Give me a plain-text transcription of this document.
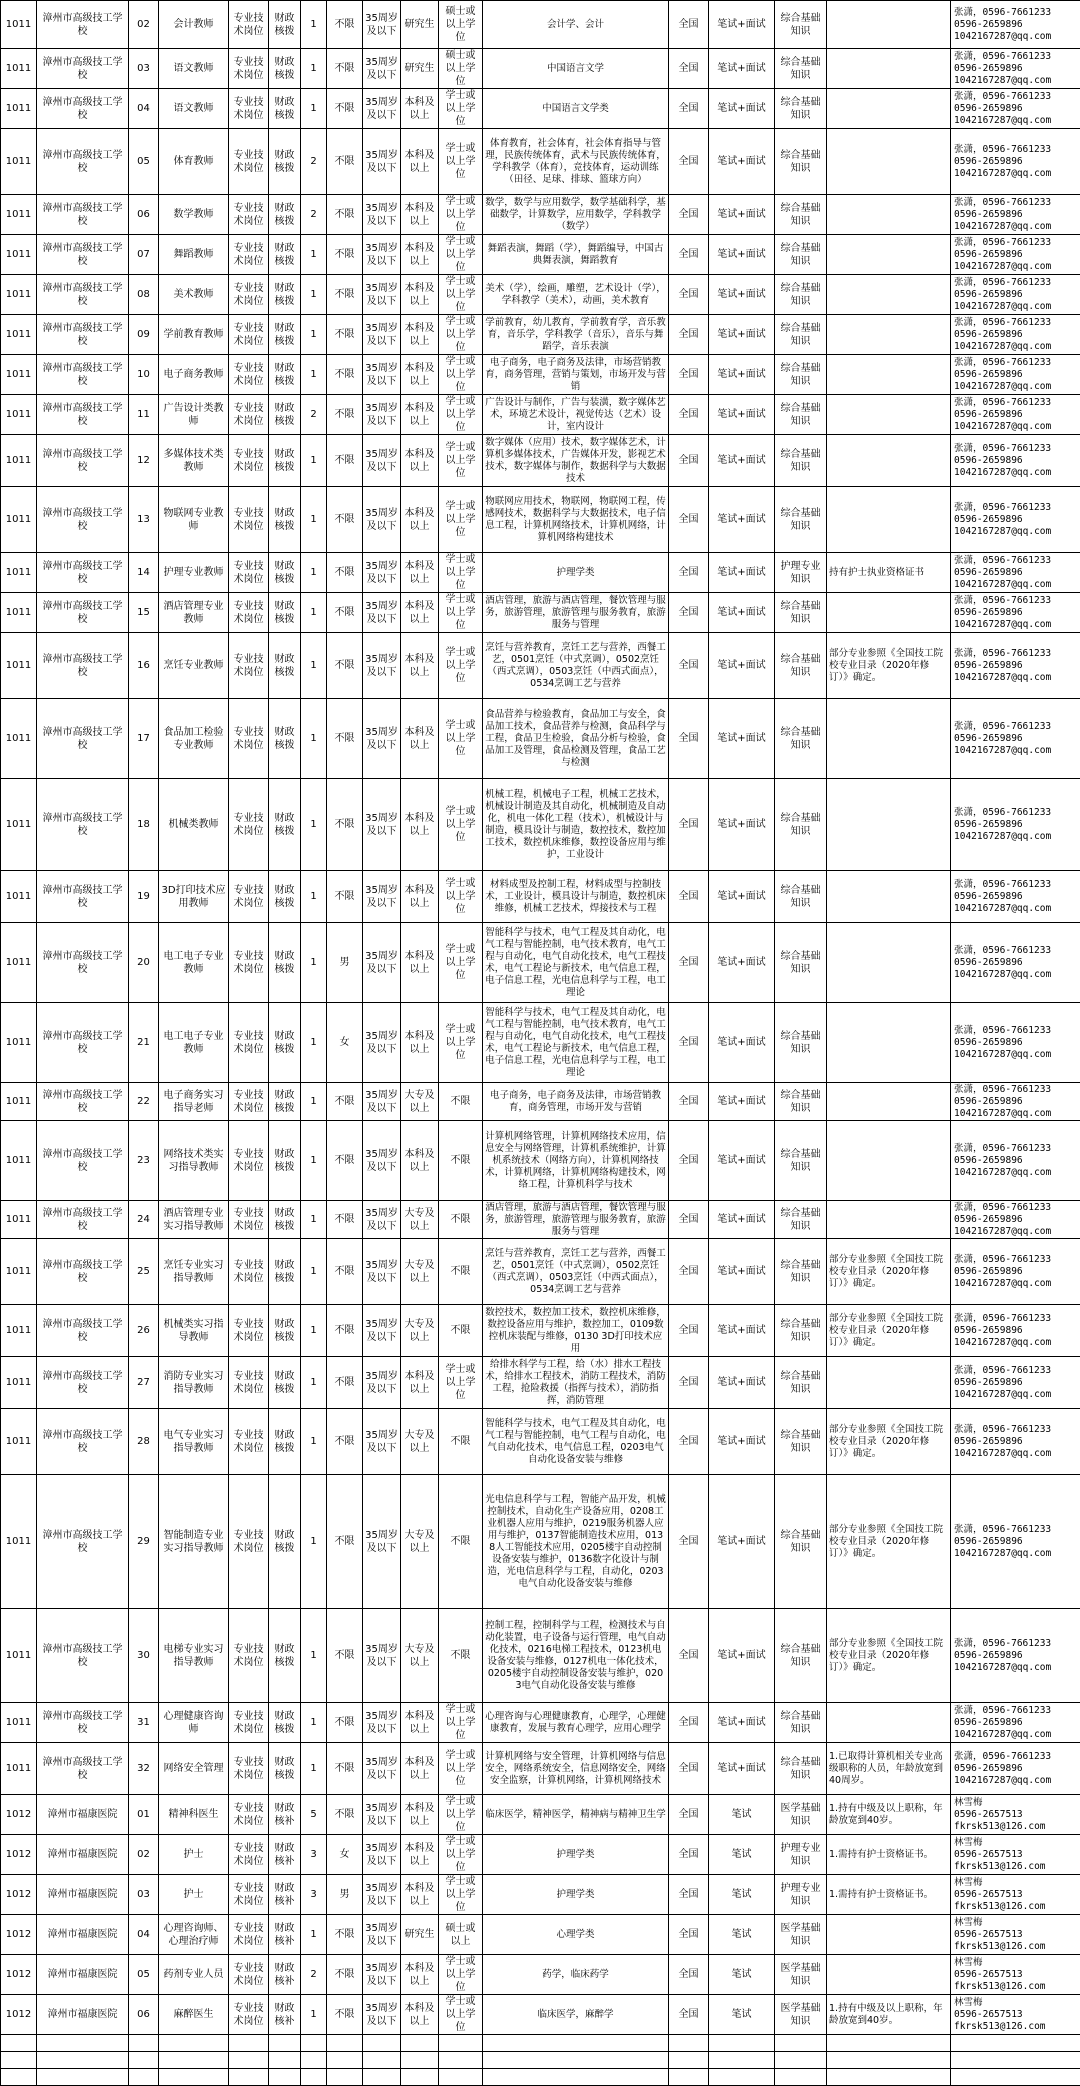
1011	漳州市高级技工学校	02	会计教师	专业技术岗位	财政核拨	1	不限	35周岁及以下	研究生	硕士或以上学位	会计学、会计	全国	笔试+面试	综合基础知识		张潇，0596-7661233
0596-2659896
1042167287@qq.com

1011	漳州市高级技工学校	03	语文教师	专业技术岗位	财政核拨	1	不限	35周岁及以下	研究生	硕士或以上学位	中国语言文学	全国	笔试+面试	综合基础知识		张潇，0596-7661233
0596-2659896
1042167287@qq.com

1011	漳州市高级技工学校	04	语文教师	专业技术岗位	财政核拨	1	不限	35周岁及以下	本科及以上	学士或以上学位	中国语言文学类	全国	笔试+面试	综合基础知识		张潇，0596-7661233
0596-2659896
1042167287@qq.com

1011	漳州市高级技工学校	05	体育教师	专业技术岗位	财政核拨	2	不限	35周岁及以下	本科及以上	学士或以上学位	体育教育，社会体育，社会体育指导与管理，民族传统体育，武术与民族传统体育，学科教学（体育），竞技体育，运动训练（田径、足球、排球、篮球方向）	全国	笔试+面试	综合基础知识		张潇，0596-7661233
0596-2659896
1042167287@qq.com

1011	漳州市高级技工学校	06	数学教师	专业技术岗位	财政核拨	2	不限	35周岁及以下	本科及以上	学士或以上学位	数学，数学与应用数学，数学基础科学，基础数学，计算数学，应用数学，学科教学（数学）	全国	笔试+面试	综合基础知识		张潇，0596-7661233
0596-2659896
1042167287@qq.com

1011	漳州市高级技工学校	07	舞蹈教师	专业技术岗位	财政核拨	1	不限	35周岁及以下	本科及以上	学士或以上学位	舞蹈表演，舞蹈（学），舞蹈编导，中国古典舞表演，舞蹈教育	全国	笔试+面试	综合基础知识		张潇，0596-7661233
0596-2659896
1042167287@qq.com

1011	漳州市高级技工学校	08	美术教师	专业技术岗位	财政核拨	1	不限	35周岁及以下	本科及以上	学士或以上学位	美术（学），绘画，雕塑，艺术设计（学），学科教学（美术），动画，美术教育	全国	笔试+面试	综合基础知识		张潇，0596-7661233
0596-2659896
1042167287@qq.com

1011	漳州市高级技工学校	09	学前教育教师	专业技术岗位	财政核拨	1	不限	35周岁及以下	本科及以上	学士或以上学位	学前教育，幼儿教育，学前教育学，音乐教育，音乐学，学科教学（音乐），音乐与舞蹈学，音乐表演	全国	笔试+面试	综合基础知识		张潇，0596-7661233
0596-2659896
1042167287@qq.com

1011	漳州市高级技工学校	10	电子商务教师	专业技术岗位	财政核拨	1	不限	35周岁及以下	本科及以上	学士或以上学位	电子商务，电子商务及法律，市场营销教育，商务管理，营销与策划，市场开发与营销	全国	笔试+面试	综合基础知识		张潇，0596-7661233
0596-2659896
1042167287@qq.com

1011	漳州市高级技工学校	11	广告设计类教师	专业技术岗位	财政核拨	2	不限	35周岁及以下	本科及以上	学士或以上学位	广告设计与制作，广告与装潢，数字媒体艺术，环境艺术设计，视觉传达（艺术）设计，室内设计	全国	笔试+面试	综合基础知识		张潇，0596-7661233
0596-2659896
1042167287@qq.com

1011	漳州市高级技工学校	12	多媒体技术类教师	专业技术岗位	财政核拨	1	不限	35周岁及以下	本科及以上	学士或以上学位	数字媒体（应用）技术，数字媒体艺术，计算机多媒体技术，广告媒体开发，影视艺术技术，数字媒体与制作，数据科学与大数据技术	全国	笔试+面试	综合基础知识		张潇，0596-7661233
0596-2659896
1042167287@qq.com

1011	漳州市高级技工学校	13	物联网专业教师	专业技术岗位	财政核拨	1	不限	35周岁及以下	本科及以上	学士或以上学位	物联网应用技术，物联网，物联网工程，传感网技术，数据科学与大数据技术，电子信息工程，计算机网络技术，计算机网络，计算机网络构建技术	全国	笔试+面试	综合基础知识		张潇，0596-7661233
0596-2659896
1042167287@qq.com

1011	漳州市高级技工学校	14	护理专业教师	专业技术岗位	财政核拨	1	不限	35周岁及以下	本科及以上	学士或以上学位	护理学类	全国	笔试+面试	护理专业知识	持有护士执业资格证书	张潇，0596-7661233
0596-2659896
1042167287@qq.com

1011	漳州市高级技工学校	15	酒店管理专业教师	专业技术岗位	财政核拨	1	不限	35周岁及以下	本科及以上	学士或以上学位	酒店管理，旅游与酒店管理，餐饮管理与服务，旅游管理，旅游管理与服务教育，旅游服务与管理	全国	笔试+面试	综合基础知识		张潇，0596-7661233
0596-2659896
1042167287@qq.com

1011	漳州市高级技工学校	16	烹饪专业教师	专业技术岗位	财政核拨	1	不限	35周岁及以下	本科及以上	学士或以上学位	烹饪与营养教育，烹饪工艺与营养，西餐工艺，0501烹饪（中式烹调），0502烹饪（西式烹调），0503烹饪（中西式面点），0534烹调工艺与营养	全国	笔试+面试	综合基础知识	部分专业参照《全国技工院校专业目录（2020年修订）》确定。	张潇，0596-7661233
0596-2659896
1042167287@qq.com

1011	漳州市高级技工学校	17	食品加工检验专业教师	专业技术岗位	财政核拨	1	不限	35周岁及以下	本科及以上	学士或以上学位	食品营养与检验教育，食品加工与安全，食品加工技术，食品营养与检测，食品科学与工程，食品卫生检验，食品分析与检验，食品加工及管理，食品检测及管理，食品工艺与检测	全国	笔试+面试	综合基础知识		张潇，0596-7661233
0596-2659896
1042167287@qq.com

1011	漳州市高级技工学校	18	机械类教师	专业技术岗位	财政核拨	1	不限	35周岁及以下	本科及以上	学士或以上学位	机械工程，机械电子工程，机械工艺技术，机械设计制造及其自动化，机械制造及自动化，机电一体化工程（技术），机械设计与制造，模具设计与制造，数控技术，数控加工技术，数控机床维修，数控设备应用与维护，工业设计	全国	笔试+面试	综合基础知识		张潇，0596-7661233
0596-2659896
1042167287@qq.com

1011	漳州市高级技工学校	19	3D打印技术应用教师	专业技术岗位	财政核拨	1	不限	35周岁及以下	本科及以上	学士或以上学位	材料成型及控制工程，材料成型与控制技术，工业设计，模具设计与制造，数控机床维修，机械工艺技术，焊接技术与工程	全国	笔试+面试	综合基础知识		张潇，0596-7661233
0596-2659896
1042167287@qq.com

1011	漳州市高级技工学校	20	电工电子专业教师	专业技术岗位	财政核拨	1	男	35周岁及以下	本科及以上	学士或以上学位	智能科学与技术，电气工程及其自动化，电气工程与智能控制，电气技术教育，电气工程与自动化，电气自动化技术，电气工程技术，电气工程论与新技术，电气信息工程，电子信息工程，光电信息科学与工程，电工理论	全国	笔试+面试	综合基础知识		张潇，0596-7661233
0596-2659896
1042167287@qq.com

1011	漳州市高级技工学校	21	电工电子专业教师	专业技术岗位	财政核拨	1	女	35周岁及以下	本科及以上	学士或以上学位	智能科学与技术，电气工程及其自动化，电气工程与智能控制，电气技术教育，电气工程与自动化，电气自动化技术，电气工程技术，电气工程论与新技术，电气信息工程，电子信息工程，光电信息科学与工程，电工理论	全国	笔试+面试	综合基础知识		张潇，0596-7661233
0596-2659896
1042167287@qq.com

1011	漳州市高级技工学校	22	电子商务实习指导老师	专业技术岗位	财政核拨	1	不限	35周岁及以下	大专及以上	不限	电子商务，电子商务及法律，市场营销教育，商务管理，市场开发与营销	全国	笔试+面试	综合基础知识		张潇，0596-7661233
0596-2659896
1042167287@qq.com

1011	漳州市高级技工学校	23	网络技术类实习指导教师	专业技术岗位	财政核拨	1	不限	35周岁及以下	本科及以上	不限	计算机网络管理，计算机网络技术应用，信息安全与网络管理，计算机系统维护，计算机系统技术（网络方向），计算机网络技术，计算机网络，计算机网络构建技术，网络工程，计算机科学与技术	全国	笔试+面试	综合基础知识		张潇，0596-7661233
0596-2659896
1042167287@qq.com

1011	漳州市高级技工学校	24	酒店管理专业实习指导教师	专业技术岗位	财政核拨	1	不限	35周岁及以下	大专及以上	不限	酒店管理，旅游与酒店管理，餐饮管理与服务，旅游管理，旅游管理与服务教育，旅游服务与管理	全国	笔试+面试	综合基础知识		张潇，0596-7661233
0596-2659896
1042167287@qq.com

1011	漳州市高级技工学校	25	烹饪专业实习指导教师	专业技术岗位	财政核拨	1	不限	35周岁及以下	大专及以上	不限	烹饪与营养教育，烹饪工艺与营养，西餐工艺，0501烹饪（中式烹调），0502烹饪（西式烹调），0503烹饪（中西式面点），0534烹调工艺与营养	全国	笔试+面试	综合基础知识	部分专业参照《全国技工院校专业目录（2020年修订）》确定。	张潇，0596-7661233
0596-2659896
1042167287@qq.com

1011	漳州市高级技工学校	26	机械类实习指导教师	专业技术岗位	财政核拨	1	不限	35周岁及以下	大专及以上	不限	数控技术，数控加工技术，数控机床维修，数控设备应用与维护，数控加工，0109数控机床装配与维修，0130 3D打印技术应用	全国	笔试+面试	综合基础知识	部分专业参照《全国技工院校专业目录（2020年修订）》确定。	张潇，0596-7661233
0596-2659896
1042167287@qq.com

1011	漳州市高级技工学校	27	消防专业实习指导教师	专业技术岗位	财政核拨	1	不限	35周岁及以下	本科及以上	学士或以上学位	给排水科学与工程，给（水）排水工程技术，给排水工程技术，消防工程技术，消防工程，抢险救援（指挥与技术），消防指挥，消防管理	全国	笔试+面试	综合基础知识		张潇，0596-7661233
0596-2659896
1042167287@qq.com

1011	漳州市高级技工学校	28	电气专业实习指导教师	专业技术岗位	财政核拨	1	不限	35周岁及以下	大专及以上	不限	智能科学与技术，电气工程及其自动化，电气工程与智能控制，电气工程与自动化，电气自动化技术，电气信息工程，0203电气自动化设备安装与维修	全国	笔试+面试	综合基础知识	部分专业参照《全国技工院校专业目录（2020年修订）》确定。	张潇，0596-7661233
0596-2659896
1042167287@qq.com

1011	漳州市高级技工学校	29	智能制造专业实习指导教师	专业技术岗位	财政核拨	1	不限	35周岁及以下	大专及以上	不限	光电信息科学与工程，智能产品开发，机械控制技术，自动化生产设备应用，0208工业机器人应用与维护，0219服务机器人应用与维护，0137智能制造技术应用，0138人工智能技术应用，0205楼宇自动控制设备安装与维护，0136数字化设计与制造，光电信息科学与工程，自动化，0203电气自动化设备安装与维修	全国	笔试+面试	综合基础知识	部分专业参照《全国技工院校专业目录（2020年修订）》确定。	张潇，0596-7661233
0596-2659896
1042167287@qq.com

1011	漳州市高级技工学校	30	电梯专业实习指导教师	专业技术岗位	财政核拨	1	不限	35周岁及以下	大专及以上	不限	控制工程，控制科学与工程，检测技术与自动化装置，电子设备与运行管理，电气自动化技术，0216电梯工程技术，0123机电设备安装与维修，0127机电一体化技术，0205楼宇自动控制设备安装与维护，0203电气自动化设备安装与维修	全国	笔试+面试	综合基础知识	部分专业参照《全国技工院校专业目录（2020年修订）》确定。	张潇，0596-7661233
0596-2659896
1042167287@qq.com

1011	漳州市高级技工学校	31	心理健康咨询师	专业技术岗位	财政核拨	1	不限	35周岁及以下	本科及以上	学士或以上学位	心理咨询与心理健康教育，心理学，心理健康教育，发展与教育心理学，应用心理学	全国	笔试+面试	综合基础知识		张潇，0596-7661233
0596-2659896
1042167287@qq.com

1011	漳州市高级技工学校	32	网络安全管理	专业技术岗位	财政核拨	1	不限	35周岁及以下	本科及以上	学士或以上学位	计算机网络与安全管理，计算机网络与信息安全，网络系统安全，信息网络安全，网络安全监察，计算机网络，计算机网络技术	全国	笔试+面试	综合基础知识	1.已取得计算机相关专业高级职称的人员，年龄放宽到40周岁。	张潇，0596-7661233
0596-2659896
1042167287@qq.com

1012	漳州市福康医院	01	精神科医生	专业技术岗位	财政核补	5	不限	35周岁及以下	本科及以上	学士或以上学位	临床医学，精神医学，精神病与精神卫生学	全国	笔试	医学基础知识	1.持有中级及以上职称，年龄放宽到40岁。	林雪梅
0596-2657513
fkrsk513@126.com

1012	漳州市福康医院	02	护士	专业技术岗位	财政核补	3	女	35周岁及以下	本科及以上	学士或以上学位	护理学类	全国	笔试	护理专业知识	1.需持有护士资格证书。	林雪梅
0596-2657513
fkrsk513@126.com

1012	漳州市福康医院	03	护士	专业技术岗位	财政核补	3	男	35周岁及以下	本科及以上	学士或以上学位	护理学类	全国	笔试	护理专业知识	1.需持有护士资格证书。	林雪梅
0596-2657513
fkrsk513@126.com

1012	漳州市福康医院	04	心理咨询师、心理治疗师	专业技术岗位	财政核补	1	不限	35周岁及以下	研究生	硕士或以上	心理学类	全国	笔试	医学基础知识		林雪梅
0596-2657513
fkrsk513@126.com

1012	漳州市福康医院	05	药剂专业人员	专业技术岗位	财政核补	2	不限	35周岁及以下	本科及以上	学士或以上学位	药学，临床药学	全国	笔试	医学基础知识		林雪梅
0596-2657513
fkrsk513@126.com

1012	漳州市福康医院	06	麻醉医生	专业技术岗位	财政核补	1	不限	35周岁及以下	本科及以上	学士或以上学位	临床医学，麻醉学	全国	笔试	医学基础知识	1.持有中级及以上职称，年龄放宽到40岁。	林雪梅
0596-2657513
fkrsk513@126.com
